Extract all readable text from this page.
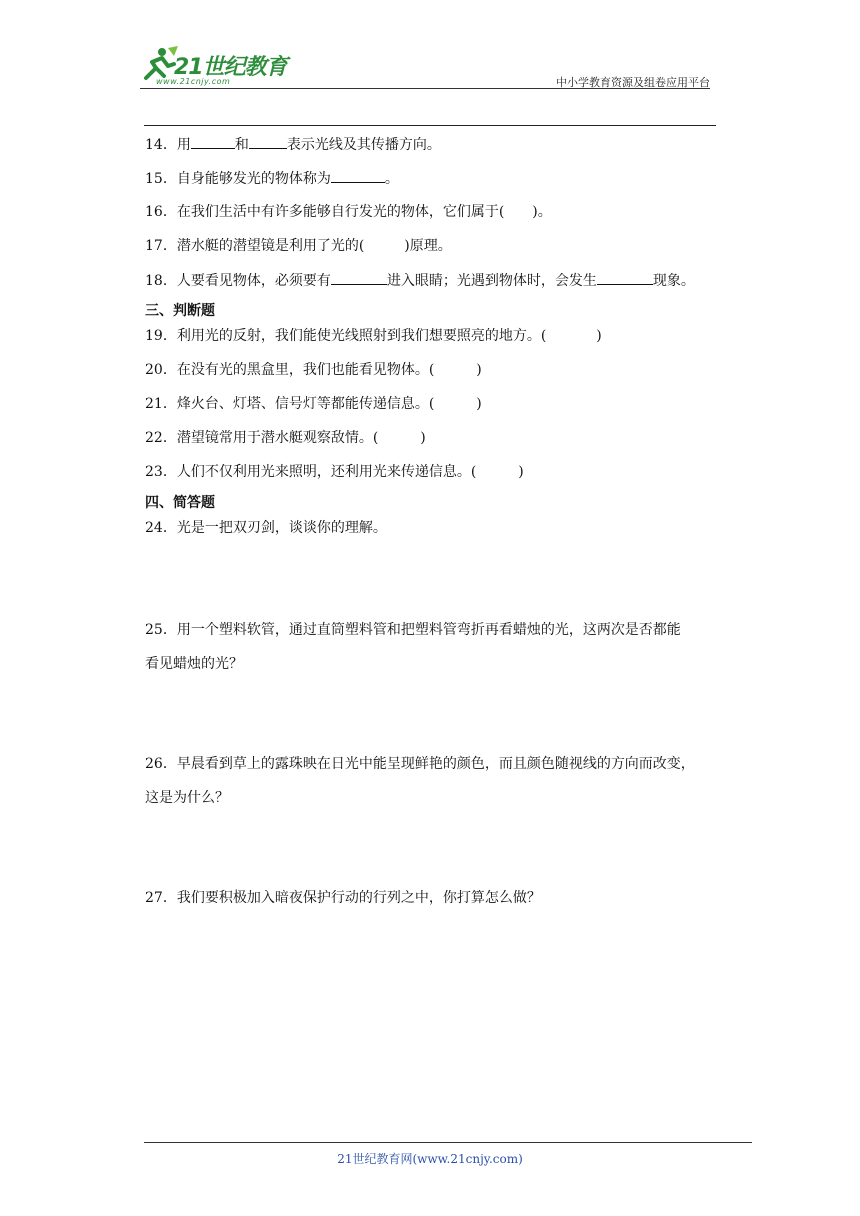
21世纪教育
www.21cnjy.com	中小学教育资源及组卷应用平台
14．用	和	表示光线及其传播方向。
15．自身能够发光的物体称为	。
16．在我们生活中有许多能够自行发光的物体，它们属于( )。
17．潜水艇的潜望镜是利用了光的(	)原理。
18．人要看见物体，必须要有	进入眼睛；光遇到物体时，会发生	现象。
三、判断题
19．利用光的反射，我们能使光线照射到我们想要照亮的地方。(	)
20．在没有光的黑盒里，我们也能看见物体。(	)
21．烽火台、灯塔、信号灯等都能传递信息。(	)
22．潜望镜常用于潜水艇观察敌情。(	)
23．人们不仅利用光来照明，还利用光来传递信息。(	)
四、简答题
24．光是一把双刃剑，谈谈你的理解。
25．用一个塑料软管，通过直筒塑料管和把塑料管弯折再看蜡烛的光，这两次是否都能
看见蜡烛的光？
26．早晨看到草上的露珠映在日光中能呈现鲜艳的颜色，而且颜色随视线的方向而改变，
这是为什么？
27．我们要积极加入暗夜保护行动的行列之中，你打算怎么做？
21世纪教育网(www.21cnjy.com)
